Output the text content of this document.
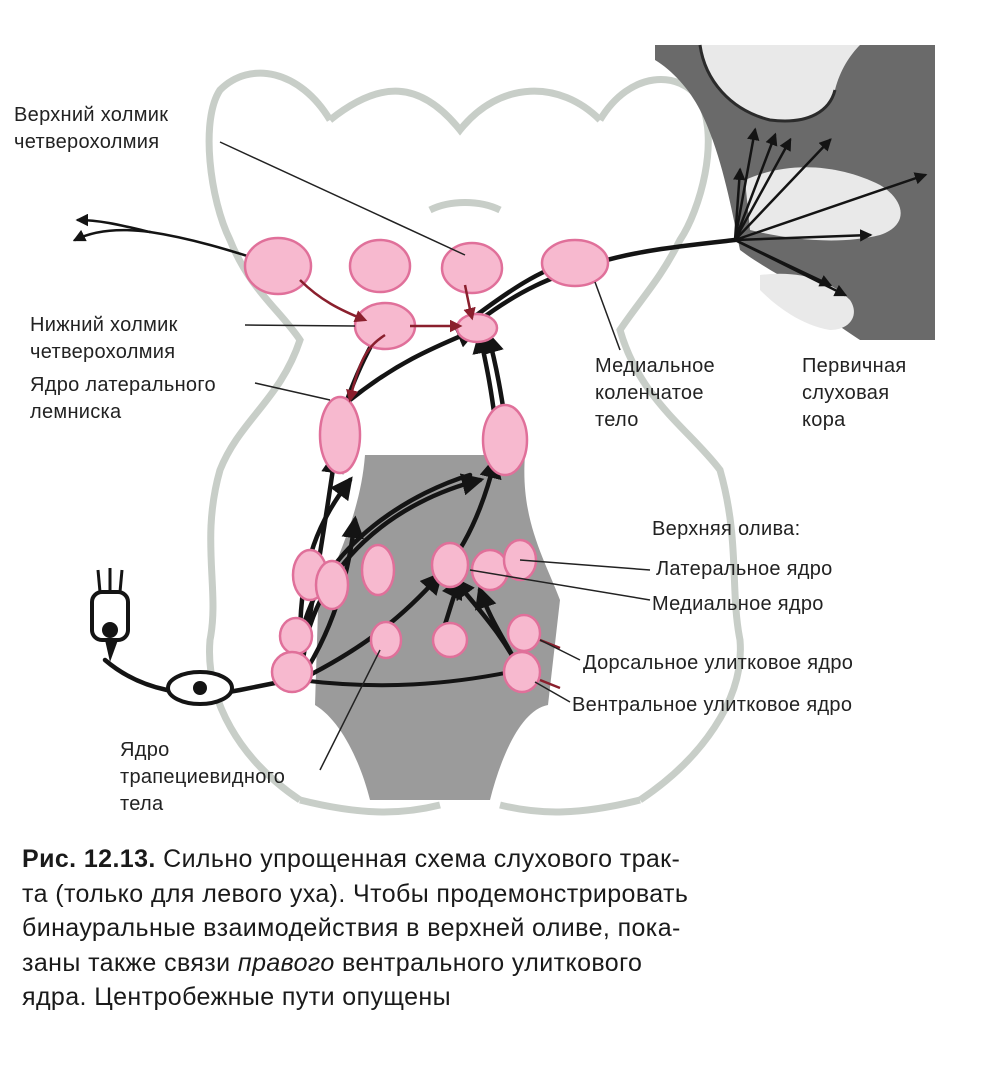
Верхний холмик
четверохолмия
Нижний холмик
четверохолмия
Ядро латерального
лемниска
Медиальное
коленчатое
тело
Первичная
слуховая
кора
Верхняя олива:
Латеральное ядро
Медиальное ядро
Дорсальное улитковое ядро
Вентральное улитковое ядро
Ядро
трапециевидного
тела
Рис. 12.13. Сильно упрощенная схема слухового трак-
та (только для левого уха). Чтобы продемонстрировать
бинауральные взаимодействия в верхней оливе, пока-
заны также связи правого вентрального улиткового
ядра. Центробежные пути опущены
